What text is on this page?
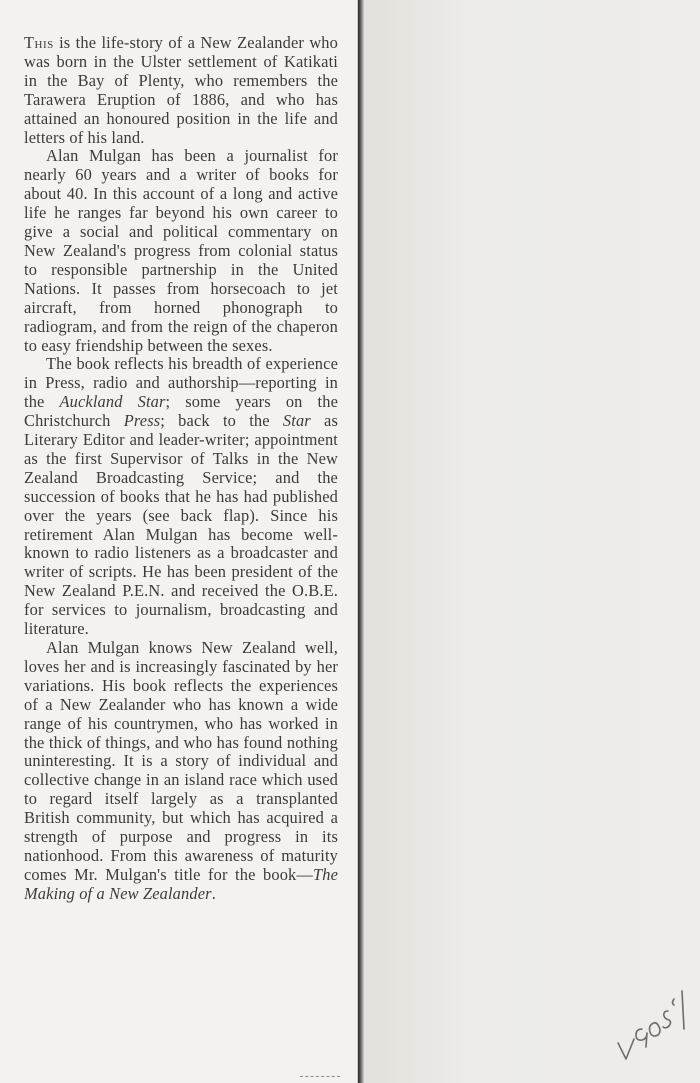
This is the life-story of a New Zealander who was born in the Ulster settlement of Katikati in the Bay of Plenty, who remembers the Tarawera Eruption of 1886, and who has attained an honoured position in the life and letters of his land.

Alan Mulgan has been a journalist for nearly 60 years and a writer of books for about 40. In this account of a long and active life he ranges far beyond his own career to give a social and political commentary on New Zealand's progress from colonial status to responsible partnership in the United Nations. It passes from horsecoach to jet aircraft, from horned phonograph to radiogram, and from the reign of the chaperon to easy friendship between the sexes.

The book reflects his breadth of experience in Press, radio and authorship—reporting in the Auckland Star; some years on the Christchurch Press; back to the Star as Literary Editor and leader-writer; appointment as the first Supervisor of Talks in the New Zealand Broadcasting Service; and the succession of books that he has had published over the years (see back flap). Since his retirement Alan Mulgan has become well-known to radio listeners as a broadcaster and writer of scripts. He has been president of the New Zealand P.E.N. and received the O.B.E. for services to journalism, broadcasting and literature.

Alan Mulgan knows New Zealand well, loves her and is increasingly fascinated by her variations. His book reflects the experiences of a New Zealander who has known a wide range of his countrymen, who has worked in the thick of things, and who has found nothing uninteresting. It is a story of individual and collective change in an island race which used to regard itself largely as a transplanted British community, but which has acquired a strength of purpose and progress in its nationhood. From this awareness of maturity comes Mr. Mulgan's title for the book—The Making of a New Zealander.
